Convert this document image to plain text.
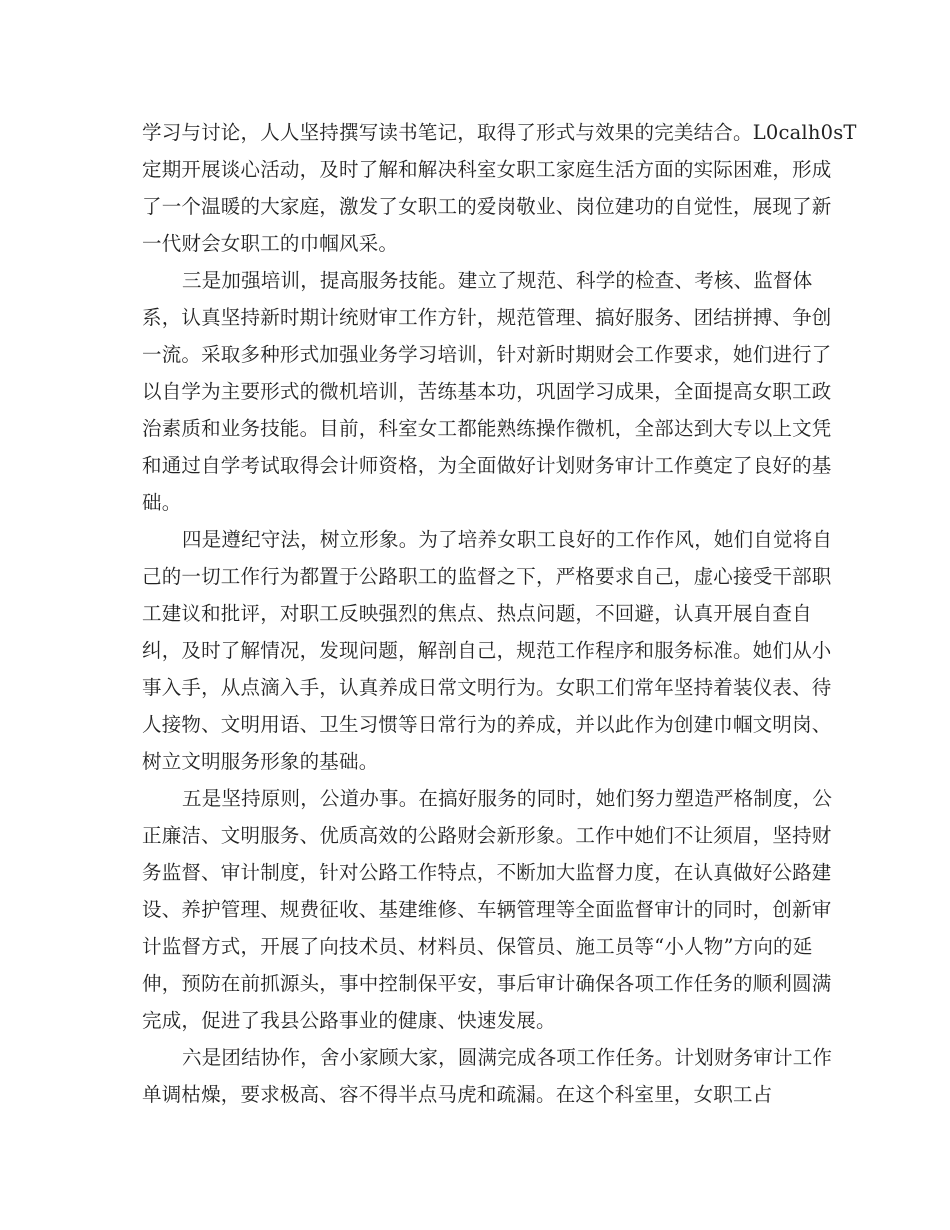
学习与讨论，人人坚持撰写读书笔记，取得了形式与效果的完美结合。L0calh0sT
定期开展谈心活动，及时了解和解决科室女职工家庭生活方面的实际困难，形成
了一个温暖的大家庭，激发了女职工的爱岗敬业、岗位建功的自觉性，展现了新
一代财会女职工的巾帼风采。
三是加强培训，提高服务技能。建立了规范、科学的检查、考核、监督体
系，认真坚持新时期计统财审工作方针，规范管理、搞好服务、团结拼搏、争创
一流。采取多种形式加强业务学习培训，针对新时期财会工作要求，她们进行了
以自学为主要形式的微机培训，苦练基本功，巩固学习成果，全面提高女职工政
治素质和业务技能。目前，科室女工都能熟练操作微机，全部达到大专以上文凭
和通过自学考试取得会计师资格，为全面做好计划财务审计工作奠定了良好的基
础。
四是遵纪守法，树立形象。为了培养女职工良好的工作作风，她们自觉将自
己的一切工作行为都置于公路职工的监督之下，严格要求自己，虚心接受干部职
工建议和批评，对职工反映强烈的焦点、热点问题，不回避，认真开展自查自
纠，及时了解情况，发现问题，解剖自己，规范工作程序和服务标准。她们从小
事入手，从点滴入手，认真养成日常文明行为。女职工们常年坚持着装仪表、待
人接物、文明用语、卫生习惯等日常行为的养成，并以此作为创建巾帼文明岗、
树立文明服务形象的基础。
五是坚持原则，公道办事。在搞好服务的同时，她们努力塑造严格制度，公
正廉洁、文明服务、优质高效的公路财会新形象。工作中她们不让须眉，坚持财
务监督、审计制度，针对公路工作特点，不断加大监督力度，在认真做好公路建
设、养护管理、规费征收、基建维修、车辆管理等全面监督审计的同时，创新审
计监督方式，开展了向技术员、材料员、保管员、施工员等“小人物”方向的延
伸，预防在前抓源头，事中控制保平安，事后审计确保各项工作任务的顺利圆满
完成，促进了我县公路事业的健康、快速发展。
六是团结协作，舍小家顾大家，圆满完成各项工作任务。计划财务审计工作
单调枯燥，要求极高、容不得半点马虎和疏漏。在这个科室里，女职工占
